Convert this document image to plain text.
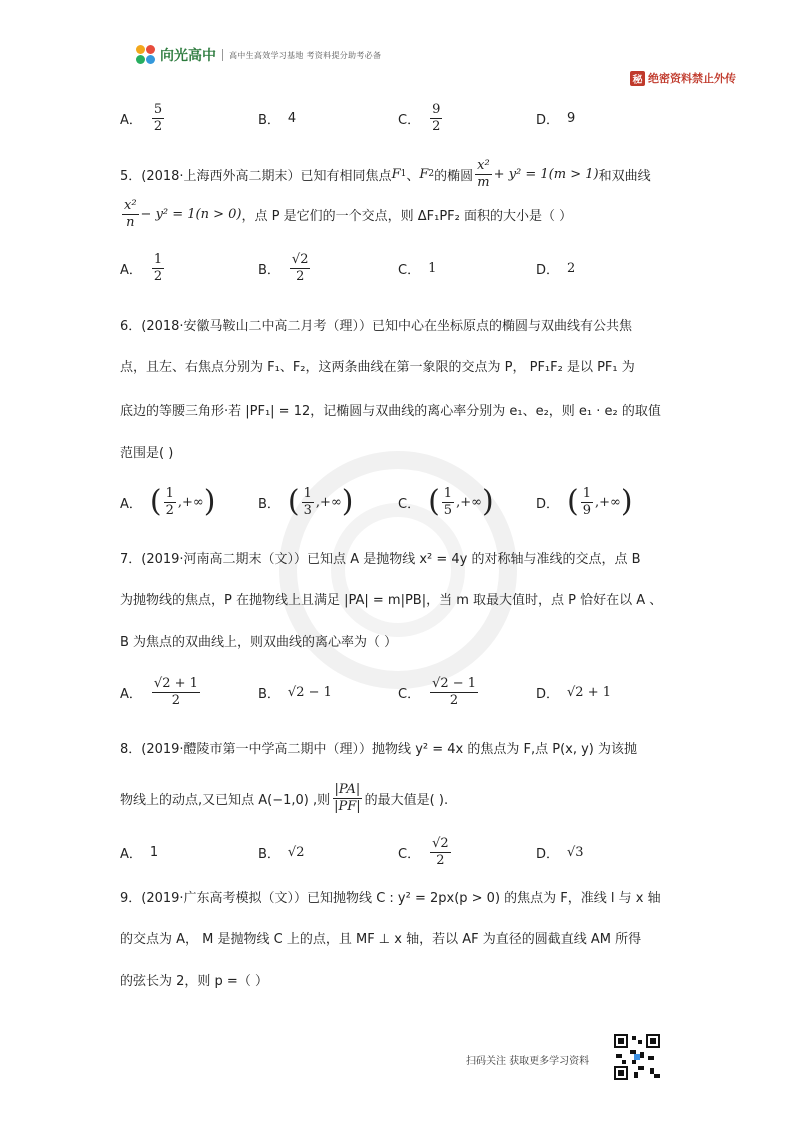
向光高中 高中生高效学习基地 考资料提分助考必备
秘 绝密资料禁止外传
A． $\frac{5}{2}$	B． 4	C． $\frac{9}{2}$	D． 9
5．(2018·上海西外高二期末）已知有相同焦点 F 1 、 F 2 的椭圆 $\frac{\text{x²}}{m} + y^2 = 1(m > 1)$ 和双曲线
$\frac{\text{x²}}{n} - y^2 = 1(n > 0)$ ，点 P 是它们的一个交点，则 ΔF₁PF₂ 面积的大小是（ ）
A． $\frac{1}{2}$	B． $\frac{√2}{2}$	C． 1	D． 2
6．(2018·安徽马鞍山二中高二月考（理））已知中心在坐标原点的椭圆与双曲线有公共焦
点，且左、右焦点分别为 F₁、F₂，这两条曲线在第一象限的交点为 P， PF₁F₂ 是以 PF₁ 为
底边的等腰三角形·若 |PF₁| = 12，记椭圆与双曲线的离心率分别为 e₁、e₂，则 e₁ · e₂ 的取值
范围是( )
A． ( $\frac{1}{2}$ ,+∞ )	B． ( $\frac{1}{3}$ ,+∞ )	C． ( $\frac{1}{5}$ ,+∞ )	D． ( $\frac{1}{9}$ ,+∞ )
7．(2019·河南高二期末（文））已知点 A 是抛物线 x² = 4y 的对称轴与准线的交点，点 B
为抛物线的焦点，P 在抛物线上且满足 |PA| = m|PB|，当 m 取最大值时，点 P 恰好在以 A 、
B 为焦点的双曲线上，则双曲线的离心率为（ ）
A． $\frac{√2 + 1}{2}$	B． √2 − 1	C． $\frac{√2 - 1}{2}$	D． √2 + 1
8．(2019·醴陵市第一中学高二期中（理））抛物线 y² = 4x 的焦点为 F,点 P(x, y) 为该抛
物线上的动点,又已知点 A(−1,0) ,则 $\frac{|PA|}{|PF|}$ 的最大值是( ).
A． 1	B． √2	C． $\frac{√2}{2}$	D． √3
9．(2019·广东高考模拟（文））已知抛物线 C : y² = 2px(p > 0) 的焦点为 F，准线 l 与 x 轴
的交点为 A， M 是抛物线 C 上的点，且 MF ⊥ x 轴，若以 AF 为直径的圆截直线 AM 所得
的弦长为 2，则 p =（ ）
扫码关注 获取更多学习资料
